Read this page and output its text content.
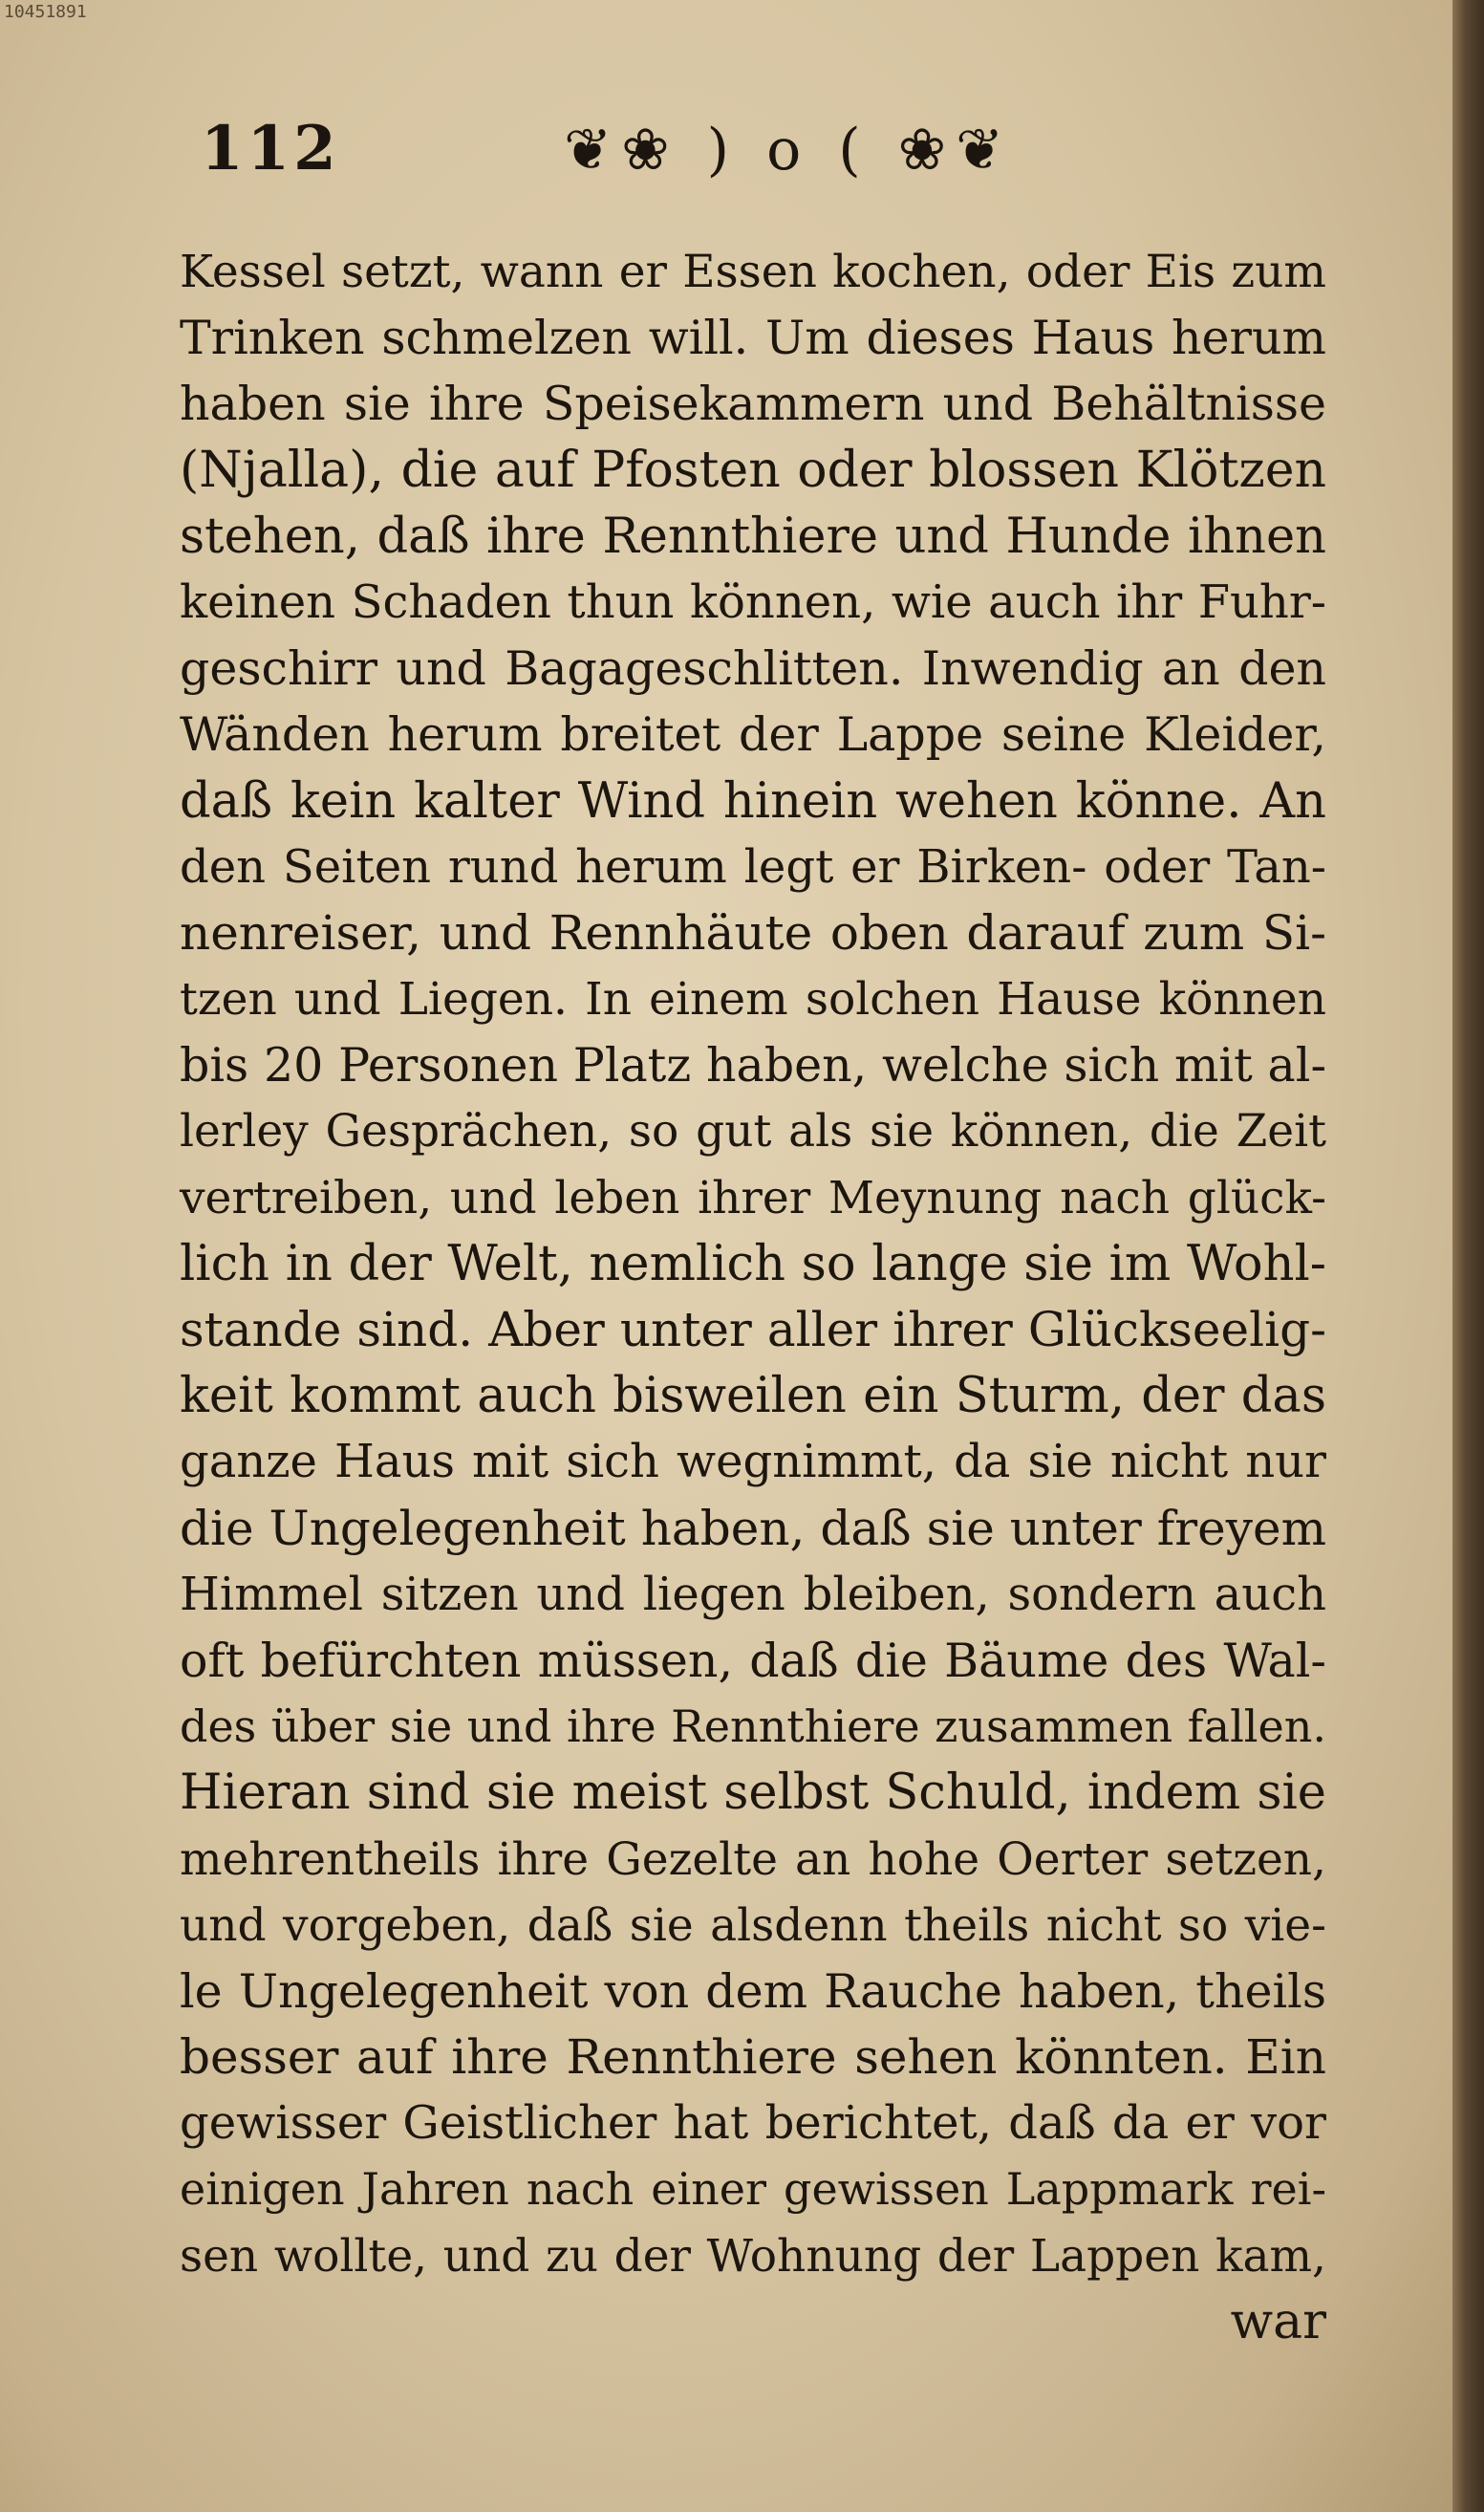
10451891
112	❦❀ ) o ( ❀❦
Kessel setzt, wann er Essen kochen, oder Eis zum
Trinken schmelzen will. Um dieses Haus herum
haben sie ihre Speisekammern und Behältnisse
(Njalla), die auf Pfosten oder blossen Klötzen
stehen, daß ihre Rennthiere und Hunde ihnen
keinen Schaden thun können, wie auch ihr Fuhr-
geschirr und Bagageschlitten. Inwendig an den
Wänden herum breitet der Lappe seine Kleider,
daß kein kalter Wind hinein wehen könne. An
den Seiten rund herum legt er Birken- oder Tan-
nenreiser, und Rennhäute oben darauf zum Si-
tzen und Liegen. In einem solchen Hause können
bis 20 Personen Platz haben, welche sich mit al-
lerley Gesprächen, so gut als sie können, die Zeit
vertreiben, und leben ihrer Meynung nach glück-
lich in der Welt, nemlich so lange sie im Wohl-
stande sind. Aber unter aller ihrer Glückseelig-
keit kommt auch bisweilen ein Sturm, der das
ganze Haus mit sich wegnimmt, da sie nicht nur
die Ungelegenheit haben, daß sie unter freyem
Himmel sitzen und liegen bleiben, sondern auch
oft befürchten müssen, daß die Bäume des Wal-
des über sie und ihre Rennthiere zusammen fallen.
Hieran sind sie meist selbst Schuld, indem sie
mehrentheils ihre Gezelte an hohe Oerter setzen,
und vorgeben, daß sie alsdenn theils nicht so vie-
le Ungelegenheit von dem Rauche haben, theils
besser auf ihre Rennthiere sehen könnten. Ein
gewisser Geistlicher hat berichtet, daß da er vor
einigen Jahren nach einer gewissen Lappmark rei-
sen wollte, und zu der Wohnung der Lappen kam,
war
